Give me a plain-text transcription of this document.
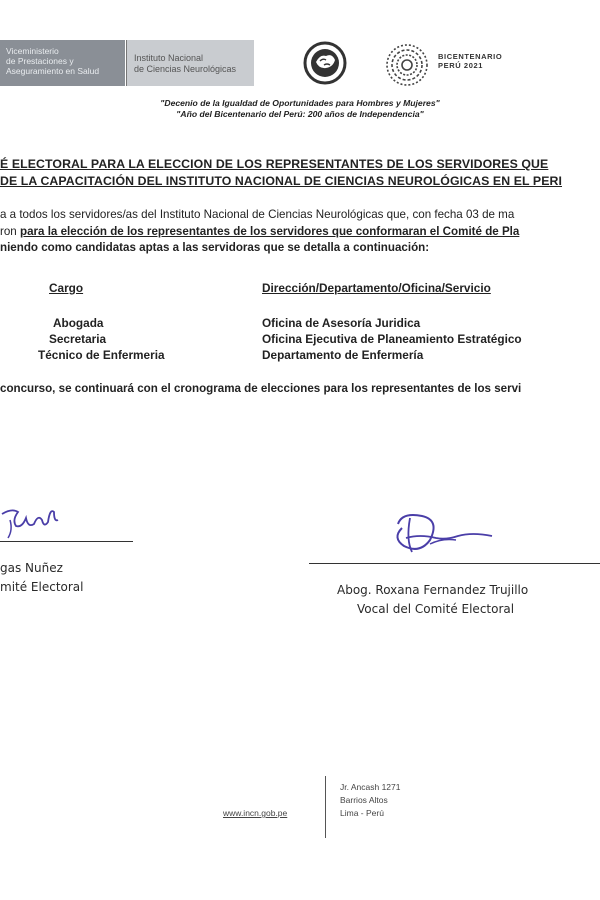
Viceministerio
de Prestaciones y
Aseguramiento en Salud
Instituto Nacional
de Ciencias Neurológicas
BICENTENARIO
PERÚ 2021
"Decenio de la Igualdad de Oportunidades para Hombres y Mujeres"
"Año del Bicentenario del Perú: 200 años de Independencia"
É ELECTORAL PARA LA ELECCION DE LOS REPRESENTANTES DE LOS SERVIDORES QUE
DE LA CAPACITACIÓN DEL INSTITUTO NACIONAL DE CIENCIAS NEUROLÓGICAS EN EL PERI
a a todos los servidores/as del Instituto Nacional de Ciencias Neurológicas que, con fecha 03 de ma
ron para la elección de los representantes de los servidores que conformaran el Comité de Pla
niendo como candidatas aptas a las servidoras que se detalla a continuación:
Cargo	Dirección/Departamento/Oficina/Servicio
Abogada	Oficina de Asesoría Juridica
Secretaria	Oficina Ejecutiva de Planeamiento Estratégico
Técnico de Enfermeria	Departamento de Enfermería
concurso, se continuará con el cronograma de elecciones para los representantes de los servi
gas Nuñez
mité Electoral	Abog. Roxana Fernandez Trujillo
Vocal del Comité Electoral
www.incn.gob.pe
Jr. Ancash 1271
Barrios Altos
Lima - Perú
